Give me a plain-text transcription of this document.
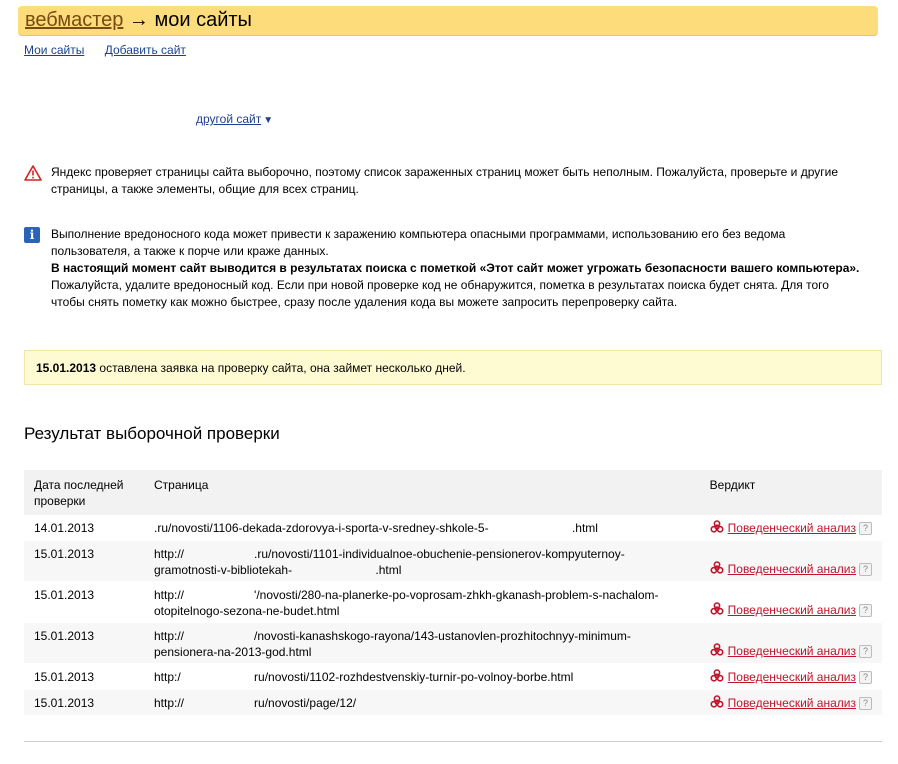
вебмастер → мои сайты
Мои сайты Добавить сайт
другой сайт ▼
Яндекс проверяет страницы сайта выборочно, поэтому список зараженных страниц может быть неполным. Пожалуйста, проверьте и другие страницы, а также элементы, общие для всех страниц.
i	Выполнение вредоносного кода может привести к заражению компьютера опасными программами, использованию его без ведома пользователя, а также к порче или краже данных.
В настоящий момент сайт выводится в результатах поиска с пометкой «Этот сайт может угрожать безопасности вашего компьютера».
Пожалуйста, удалите вредоносный код. Если при новой проверке код не обнаружится, пометка в результатах поиска будет снята. Для того чтобы снять пометку как можно быстрее, сразу после удаления кода вы можете запросить перепроверку сайта.
15.01.2013 оставлена заявка на проверку сайта, она займет несколько дней.
Результат выборочной проверки
Дата последней проверки	Страница	Вердикт
14.01.2013	.ru/novosti/1106-dekada-zdorovya-i-sporta-v-sredney-shkole-5-                         .html	Поведенческий анализ ?

15.01.2013	http://                     .ru/novosti/1101-individualnoe-obuchenie-pensionerov-kompyuternoy-gramotnosti-v-bibliotekah-                         .html	Поведенческий анализ ?

15.01.2013	http://                     '/novosti/280-na-planerke-po-voprosam-zhkh-gkanash-problem-s-nachalom-otopitelnogo-sezona-ne-budet.html	Поведенческий анализ ?

15.01.2013	http://                     /novosti-kanashskogo-rayona/143-ustanovlen-prozhitochnyy-minimum-pensionera-na-2013-god.html	Поведенческий анализ ?

15.01.2013	http:/                      ru/novosti/1102-rozhdestvenskiy-turnir-po-volnoy-borbe.html	Поведенческий анализ ?

15.01.2013	http://                     ru/novosti/page/12/	Поведенческий анализ ?
